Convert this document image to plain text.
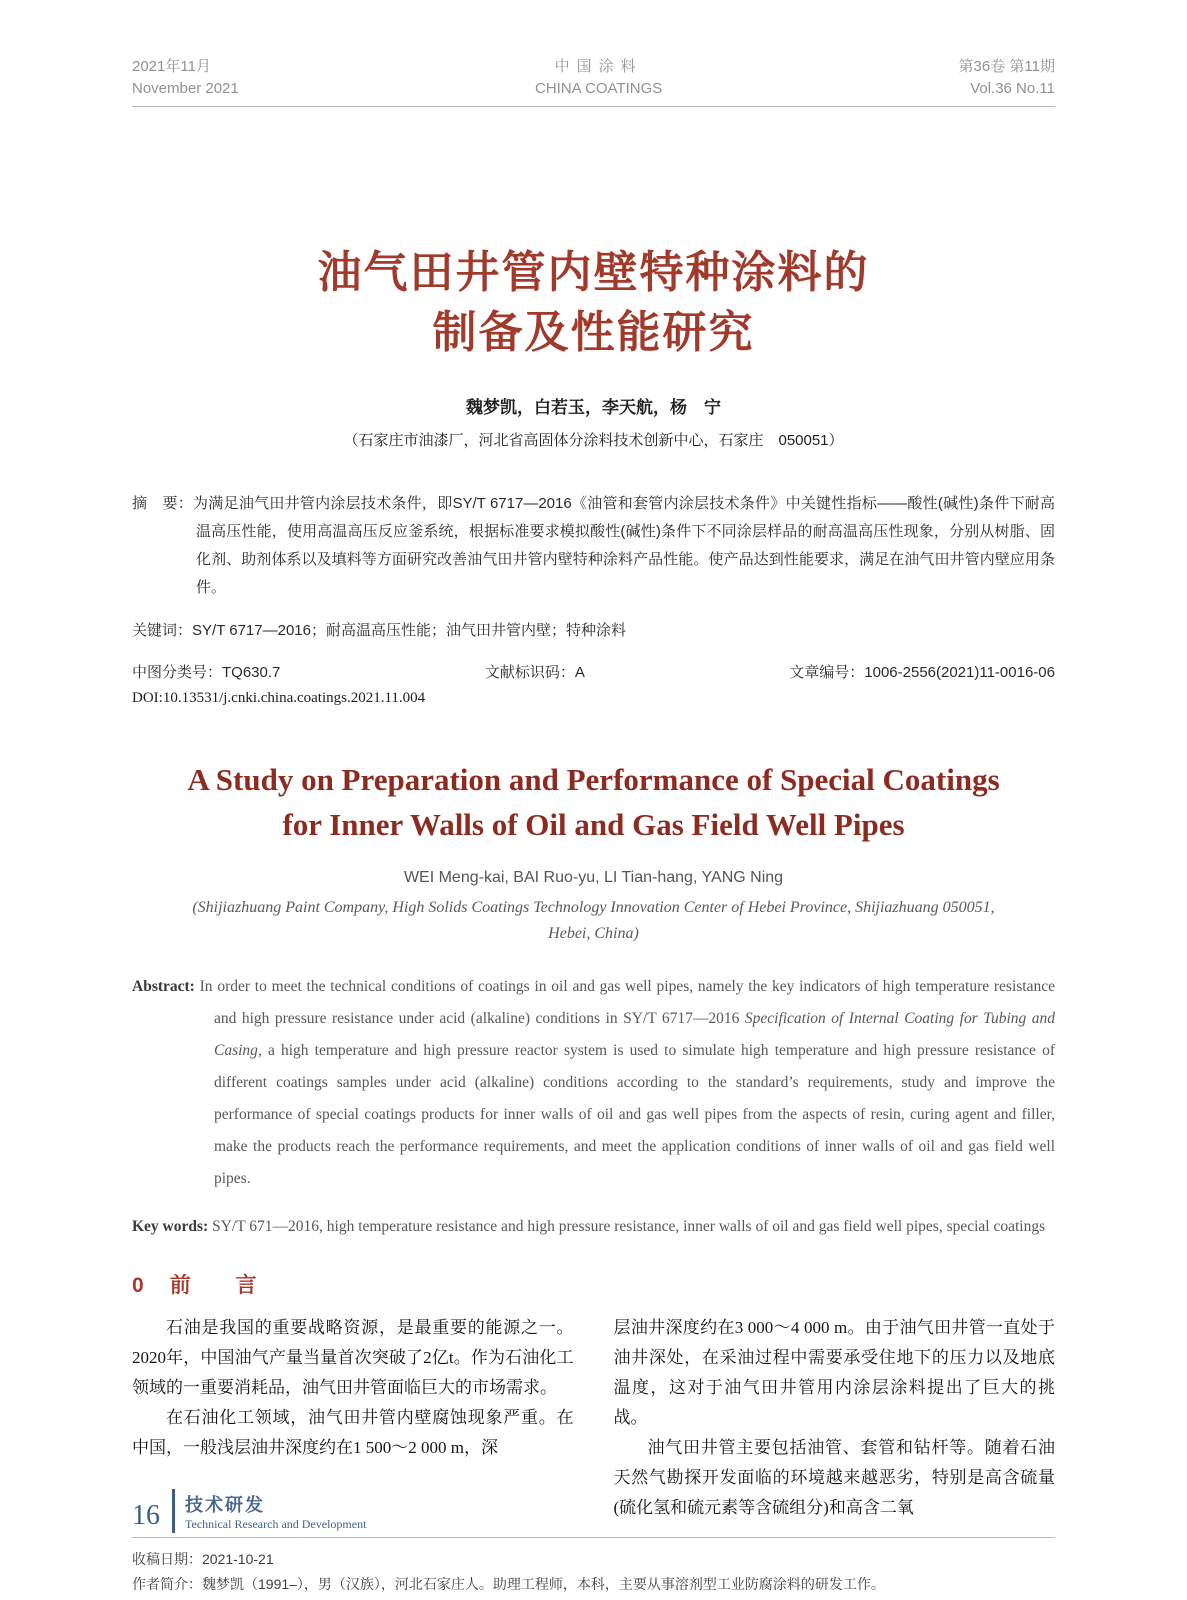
2021年11月
November 2021
中国涂料
CHINA COATINGS
第36卷 第11期
Vol.36 No.11
油气田井管内壁特种涂料的
制备及性能研究
魏梦凯，白若玉，李天航，杨　宁
（石家庄市油漆厂，河北省高固体分涂料技术创新中心，石家庄　050051）

摘　要：为满足油气田井管内涂层技术条件，即SY/T 6717—2016《油管和套管内涂层技术条件》中关键性指标——酸性(碱性)条件下耐高温高压性能，使用高温高压反应釜系统，根据标准要求模拟酸性(碱性)条件下不同涂层样品的耐高温高压性现象，分别从树脂、固化剂、助剂体系以及填料等方面研究改善油气田井管内壁特种涂料产品性能。使产品达到性能要求，满足在油气田井管内壁应用条件。

关键词：SY/T 6717—2016；耐高温高压性能；油气田井管内壁；特种涂料

中图分类号：TQ630.7	文献标识码：A	文章编号：1006-2556(2021)11-0016-06
DOI:10.13531/j.cnki.china.coatings.2021.11.004
A Study on Preparation and Performance of Special Coatings
for Inner Walls of Oil and Gas Field Well Pipes
WEI Meng-kai, BAI Ruo-yu, LI Tian-hang, YANG Ning
(Shijiazhuang Paint Company, High Solids Coatings Technology Innovation Center of Hebei Province, Shijiazhuang 050051,
Hebei, China)

Abstract: In order to meet the technical conditions of coatings in oil and gas well pipes, namely the key indicators of high temperature resistance and high pressure resistance under acid (alkaline) conditions in SY/T 6717—2016 Specification of Internal Coating for Tubing and Casing, a high temperature and high pressure reactor system is used to simulate high temperature and high pressure resistance of different coatings samples under acid (alkaline) conditions according to the standard’s requirements, study and improve the performance of special coatings products for inner walls of oil and gas well pipes from the aspects of resin, curing agent and filler, make the products reach the performance requirements, and meet the application conditions of inner walls of oil and gas field well pipes.

Key words: SY/T 671—2016, high temperature resistance and high pressure resistance, inner walls of oil and gas field well pipes, special coatings

0 前　言

石油是我国的重要战略资源，是最重要的能源之一。2020年，中国油气产量当量首次突破了2亿t。作为石油化工领域的一重要消耗品，油气田井管面临巨大的市场需求。

在石油化工领域，油气田井管内壁腐蚀现象严重。在中国，一般浅层油井深度约在1 500～2 000 m，深

层油井深度约在3 000～4 000 m。由于油气田井管一直处于油井深处，在采油过程中需要承受住地下的压力以及地底温度，这对于油气田井管用内涂层涂料提出了巨大的挑战。

油气田井管主要包括油管、套管和钻杆等。随着石油天然气勘探开发面临的环境越来越恶劣，特别是高含硫量(硫化氢和硫元素等含硫组分)和高含二氧

收稿日期：2021-10-21
作者简介：魏梦凯（1991–），男（汉族），河北石家庄人。助理工程师，本科，主要从事溶剂型工业防腐涂料的研发工作。
16 技术研发
Technical Research and Development
